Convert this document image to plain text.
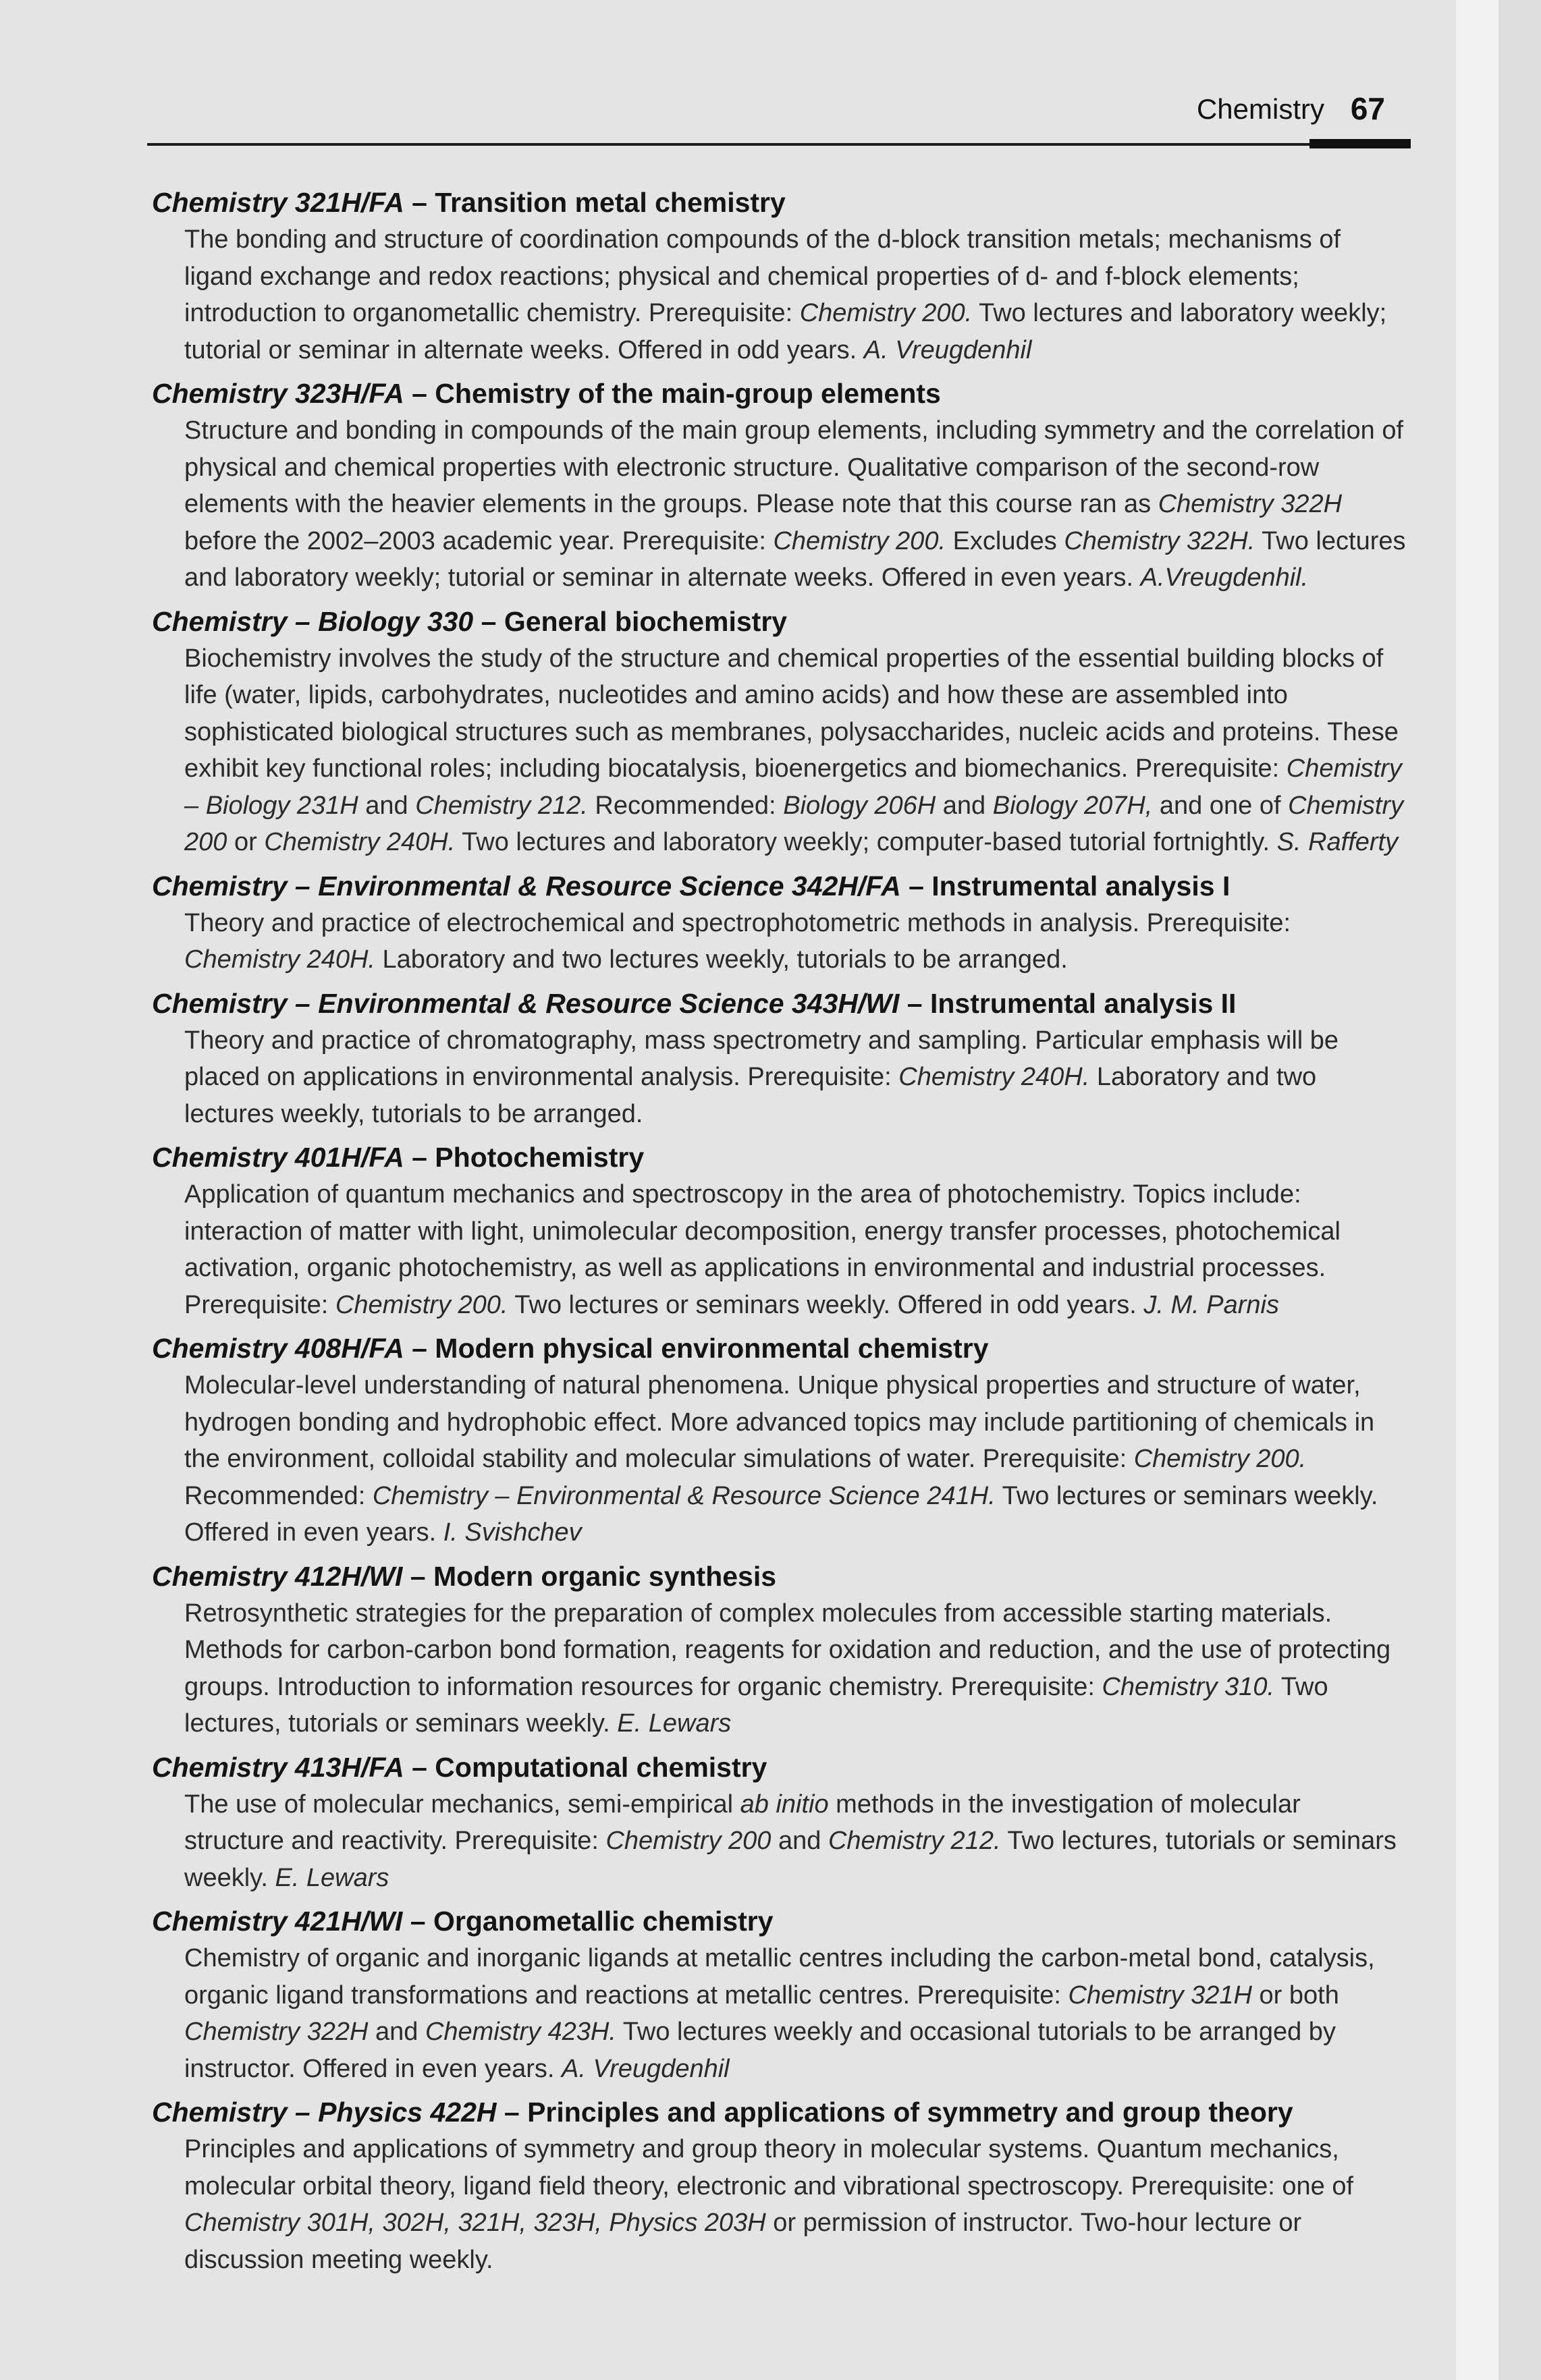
Chemistry 67
Chemistry 321H/FA – Transition metal chemistry
The bonding and structure of coordination compounds of the d-block transition metals; mechanisms of ligand exchange and redox reactions; physical and chemical properties of d- and f-block elements; introduction to organometallic chemistry. Prerequisite: Chemistry 200. Two lectures and laboratory weekly; tutorial or seminar in alternate weeks. Offered in odd years. A. Vreugdenhil
Chemistry 323H/FA – Chemistry of the main-group elements
Structure and bonding in compounds of the main group elements, including symmetry and the correlation of physical and chemical properties with electronic structure. Qualitative comparison of the second-row elements with the heavier elements in the groups. Please note that this course ran as Chemistry 322H before the 2002–2003 academic year. Prerequisite: Chemistry 200. Excludes Chemistry 322H. Two lectures and laboratory weekly; tutorial or seminar in alternate weeks. Offered in even years. A.Vreugdenhil.
Chemistry – Biology 330 – General biochemistry
Biochemistry involves the study of the structure and chemical properties of the essential building blocks of life (water, lipids, carbohydrates, nucleotides and amino acids) and how these are assembled into sophisticated biological structures such as membranes, polysaccharides, nucleic acids and proteins. These exhibit key functional roles; including biocatalysis, bioenergetics and biomechanics. Prerequisite: Chemistry – Biology 231H and Chemistry 212. Recommended: Biology 206H and Biology 207H, and one of Chemistry 200 or Chemistry 240H. Two lectures and laboratory weekly; computer-based tutorial fortnightly. S. Rafferty
Chemistry – Environmental & Resource Science 342H/FA – Instrumental analysis I
Theory and practice of electrochemical and spectrophotometric methods in analysis. Prerequisite: Chemistry 240H. Laboratory and two lectures weekly, tutorials to be arranged.
Chemistry – Environmental & Resource Science 343H/WI – Instrumental analysis II
Theory and practice of chromatography, mass spectrometry and sampling. Particular emphasis will be placed on applications in environmental analysis. Prerequisite: Chemistry 240H. Laboratory and two lectures weekly, tutorials to be arranged.
Chemistry 401H/FA – Photochemistry
Application of quantum mechanics and spectroscopy in the area of photochemistry. Topics include: interaction of matter with light, unimolecular decomposition, energy transfer processes, photochemical activation, organic photochemistry, as well as applications in environmental and industrial processes. Prerequisite: Chemistry 200. Two lectures or seminars weekly. Offered in odd years. J. M. Parnis
Chemistry 408H/FA – Modern physical environmental chemistry
Molecular-level understanding of natural phenomena. Unique physical properties and structure of water, hydrogen bonding and hydrophobic effect. More advanced topics may include partitioning of chemicals in the environment, colloidal stability and molecular simulations of water. Prerequisite: Chemistry 200. Recommended: Chemistry – Environmental & Resource Science 241H. Two lectures or seminars weekly. Offered in even years. I. Svishchev
Chemistry 412H/WI – Modern organic synthesis
Retrosynthetic strategies for the preparation of complex molecules from accessible starting materials. Methods for carbon-carbon bond formation, reagents for oxidation and reduction, and the use of protecting groups. Introduction to information resources for organic chemistry. Prerequisite: Chemistry 310. Two lectures, tutorials or seminars weekly. E. Lewars
Chemistry 413H/FA – Computational chemistry
The use of molecular mechanics, semi-empirical ab initio methods in the investigation of molecular structure and reactivity. Prerequisite: Chemistry 200 and Chemistry 212. Two lectures, tutorials or seminars weekly. E. Lewars
Chemistry 421H/WI – Organometallic chemistry
Chemistry of organic and inorganic ligands at metallic centres including the carbon-metal bond, catalysis, organic ligand transformations and reactions at metallic centres. Prerequisite: Chemistry 321H or both Chemistry 322H and Chemistry 423H. Two lectures weekly and occasional tutorials to be arranged by instructor. Offered in even years. A. Vreugdenhil
Chemistry – Physics 422H – Principles and applications of symmetry and group theory
Principles and applications of symmetry and group theory in molecular systems. Quantum mechanics, molecular orbital theory, ligand field theory, electronic and vibrational spectroscopy. Prerequisite: one of Chemistry 301H, 302H, 321H, 323H, Physics 203H or permission of instructor. Two-hour lecture or discussion meeting weekly.
